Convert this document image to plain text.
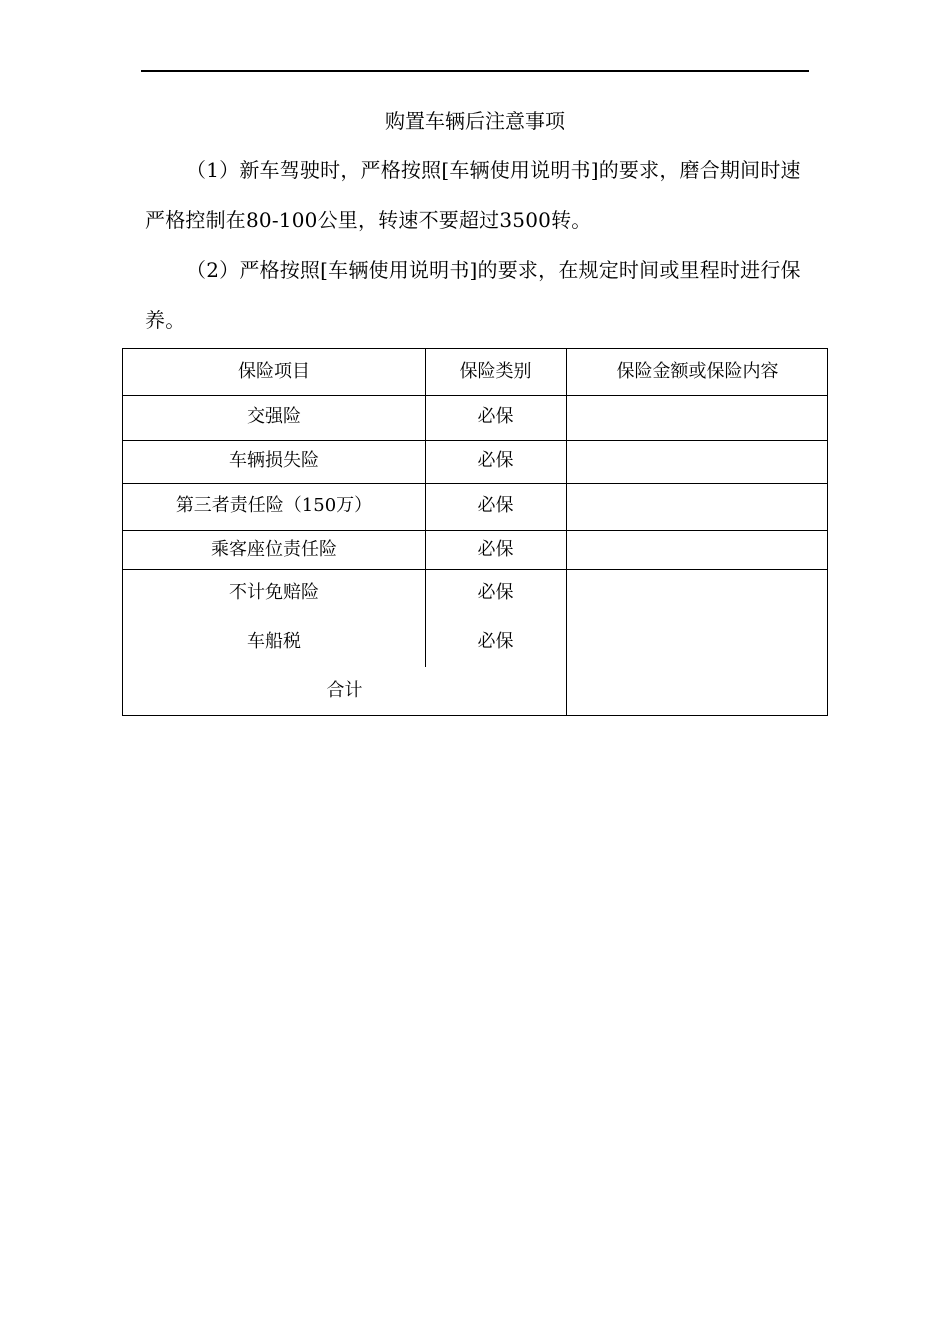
购置车辆后注意事项
（1）新车驾驶时，严格按照[车辆使用说明书]的要求，磨合期间时速严格控制在80-100公里，转速不要超过3500转。
（2）严格按照[车辆使用说明书]的要求，在规定时间或里程时进行保养。
保险项目	保险类别	保险金额或保险内容
交强险	必保
车辆损失险	必保
第三者责任险（150万）	必保
乘客座位责任险	必保
不计免赔险	必保
车船税	必保
合计
